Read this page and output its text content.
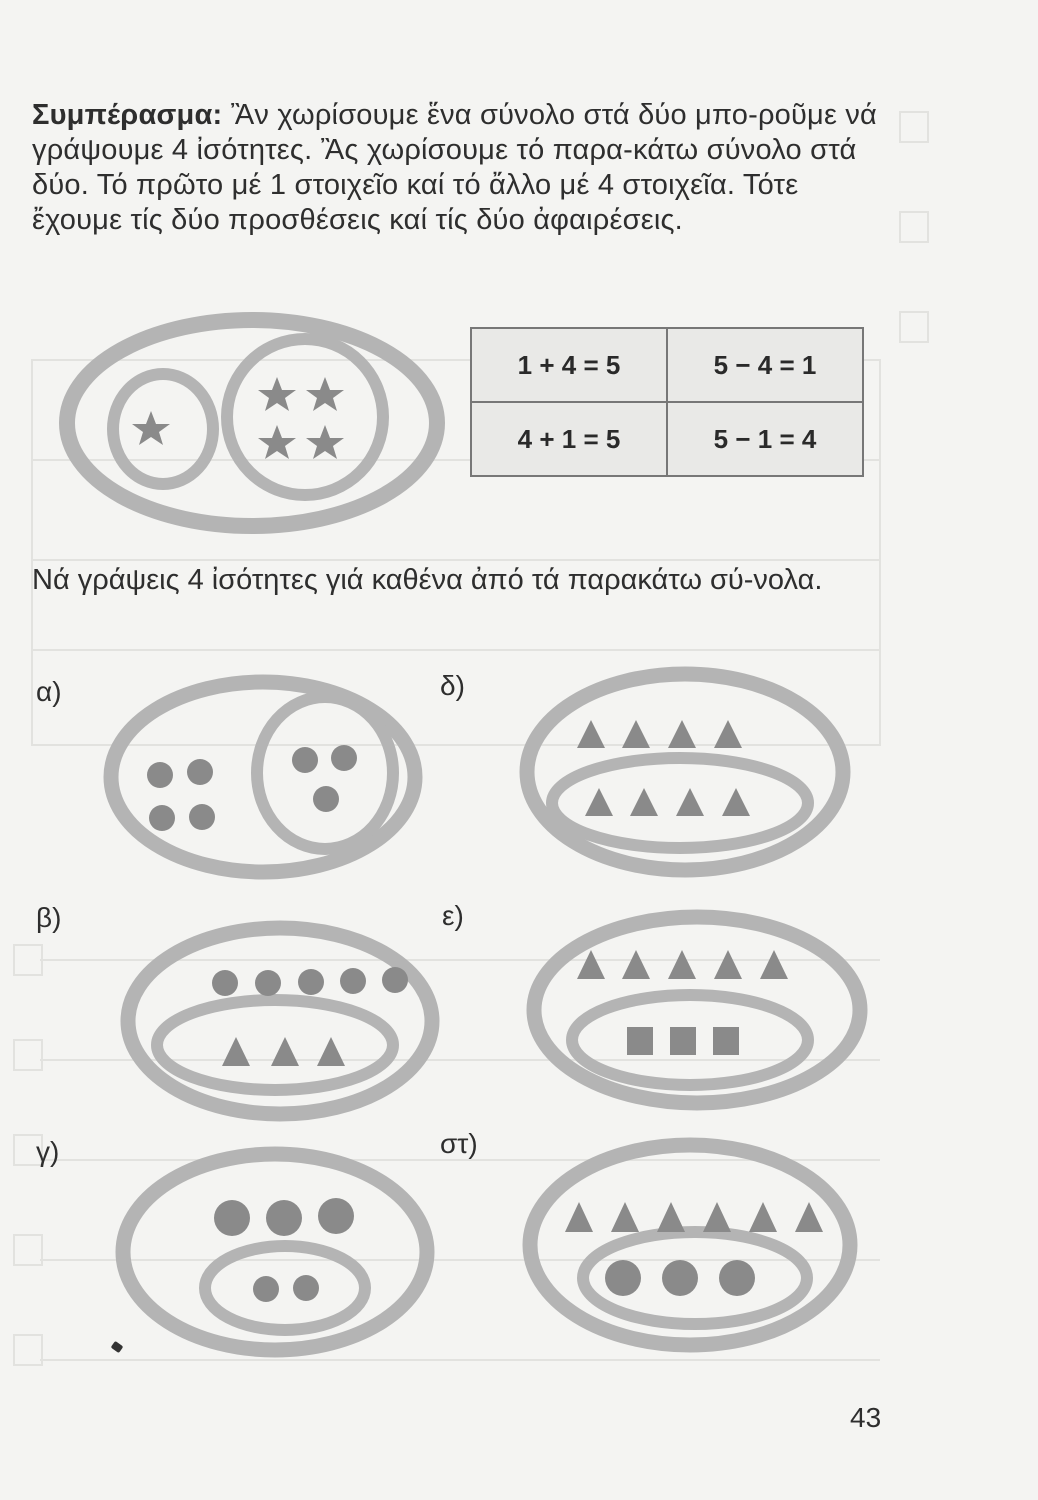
Συμπέρασμα: Ἂν χωρίσουμε ἕνα σύνολο στά δύο μπο-ροῦμε νά γράψουμε 4 ἰσότητες. Ἂς χωρίσουμε τό παρα-κάτω σύνολο στά δύο. Τό πρῶτο μέ 1 στοιχεῖο καί τό ἄλλο μέ 4 στοιχεῖα. Τότε ἔχουμε τίς δύο προσθέσεις καί τίς δύο ἀφαιρέσεις.
1 + 4 = 5	5 − 4 = 1
4 + 1 = 5	5 − 1 = 4
Νά γράψεις 4 ἰσότητες γιά καθένα ἀπό τά παρακάτω σύ-νολα.
α)	δ)
β)	ε)
γ)	στ)
43
